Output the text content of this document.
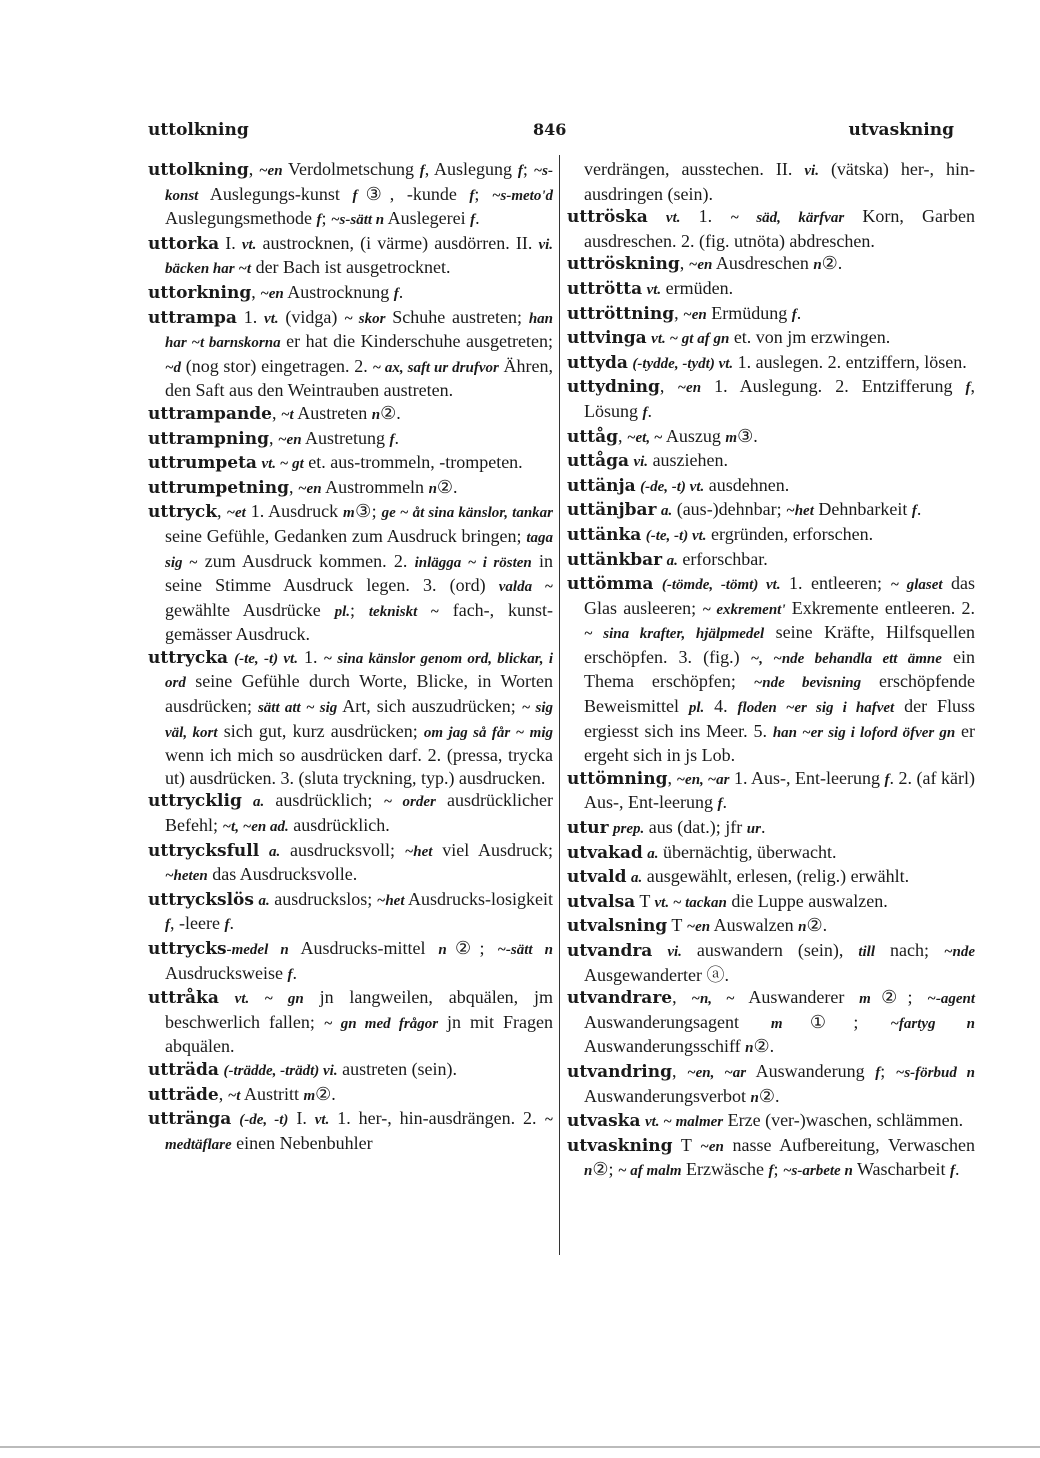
uttolkning	846	utvaskning

uttolkning, ~en Verdolmetschung f, Auslegung f; ~s-konst Auslegungs-kunst f③, -kunde f; ~s-meto'd Auslegungsmethode f; ~s-sätt n Auslegerei f.

uttorka I. vt. austrocknen, (i värme) ausdörren. II. vi. bäcken har ~t der Bach ist ausgetrocknet.

uttorkning, ~en Austrocknung f.

uttrampa 1. vt. (vidga) ~ skor Schuhe austreten; han har ~t barnskorna er hat die Kinderschuhe ausgetreten; ~d (nog stor) eingetragen. 2. ~ ax, saft ur drufvor Ähren, den Saft aus den Weintrauben austreten.

uttrampande, ~t Austreten n②.

uttrampning, ~en Austretung f.

uttrumpeta vt. ~ gt et. aus-trommeln, -trompeten.

uttrumpetning, ~en Austrommeln n②.

uttryck, ~et 1. Ausdruck m③; ge ~ åt sina känslor, tankar seine Gefühle, Gedanken zum Ausdruck bringen; taga sig ~ zum Ausdruck kommen. 2. inlägga ~ i rösten in seine Stimme Ausdruck legen. 3. (ord) valda ~ gewählte Ausdrücke pl.; tekniskt ~ fach-, kunst-gemässer Ausdruck.

uttrycka (-te, -t) vt. 1. ~ sina känslor genom ord, blickar, i ord seine Gefühle durch Worte, Blicke, in Worten ausdrücken; sätt att ~ sig Art, sich auszudrücken; ~ sig väl, kort sich gut, kurz ausdrücken; om jag så får ~ mig wenn ich mich so ausdrücken darf. 2. (pressa, trycka ut) ausdrücken. 3. (sluta tryckning, typ.) ausdrucken.

uttrycklig a. ausdrücklich; ~ order ausdrücklicher Befehl; ~t, ~en ad. ausdrücklich.

uttrycksfull a. ausdrucksvoll; ~het viel Ausdruck; ~heten das Ausdrucksvolle.

uttryckslös a. ausdruckslos; ~het Ausdrucks-losigkeit f, -leere f.

uttrycks-medel n Ausdrucks-mittel n②; ~-sätt n Ausdrucksweise f.

uttråka vt. ~ gn jn langweilen, abquälen, jm beschwerlich fallen; ~ gn med frågor jn mit Fragen abquälen.

utträda (-trädde, -trädt) vi. austreten (sein).

utträde, ~t Austritt m②.

uttränga (-de, -t) I. vt. 1. her-, hin-ausdrängen. 2. ~ medtäflare einen Nebenbuhler

verdrängen, ausstechen. II. vi. (vätska) her-, hin-ausdringen (sein).

uttröska vt. 1. ~ säd, kärfvar Korn, Garben ausdreschen. 2. (fig. utnöta) abdreschen.

uttröskning, ~en Ausdreschen n②.

uttrötta vt. ermüden.

uttröttning, ~en Ermüdung f.

uttvinga vt. ~ gt af gn et. von jm erzwingen.

uttyda (-tydde, -tydt) vt. 1. auslegen. 2. entziffern, lösen.

uttydning, ~en 1. Auslegung. 2. Entzifferung f, Lösung f.

uttåg, ~et, ~ Auszug m③.

uttåga vi. ausziehen.

uttänja (-de, -t) vt. ausdehnen.

uttänjbar a. (aus-)dehnbar; ~het Dehnbarkeit f.

uttänka (-te, -t) vt. ergründen, erforschen.

uttänkbar a. erforschbar.

uttömma (-tömde, -tömt) vt. 1. entleeren; ~ glaset das Glas ausleeren; ~ exkrement' Exkremente entleeren. 2. ~ sina krafter, hjälpmedel seine Kräfte, Hilfsquellen erschöpfen. 3. (fig.) ~, ~nde behandla ett ämne ein Thema erschöpfen; ~nde bevisning erschöpfende Beweismittel pl. 4. floden ~er sig i hafvet der Fluss ergiesst sich ins Meer. 5. han ~er sig i loford öfver gn er ergeht sich in js Lob.

uttömning, ~en, ~ar 1. Aus-, Ent-leerung f. 2. (af kärl) Aus-, Ent-leerung f.

utur prep. aus (dat.); jfr ur.

utvakad a. übernächtig, überwacht.

utvald a. ausgewählt, erlesen, (relig.) erwählt.

utvalsa T vt. ~ tackan die Luppe auswalzen.

utvalsning T ~en Auswalzen n②.

utvandra vi. auswandern (sein), till nach; ~nde Ausgewanderter ⓐ.

utvandrare, ~n, ~ Auswanderer m②; ~-agent Auswanderungsagent m①; ~fartyg n Auswanderungsschiff n②.

utvandring, ~en, ~ar Auswanderung f; ~s-förbud n Auswanderungsverbot n②.

utvaska vt. ~ malmer Erze (ver-)waschen, schlämmen.

utvaskning T ~en nasse Aufbereitung, Verwaschen n②; ~ af malm Erzwäsche f; ~s-arbete n Wascharbeit f.
